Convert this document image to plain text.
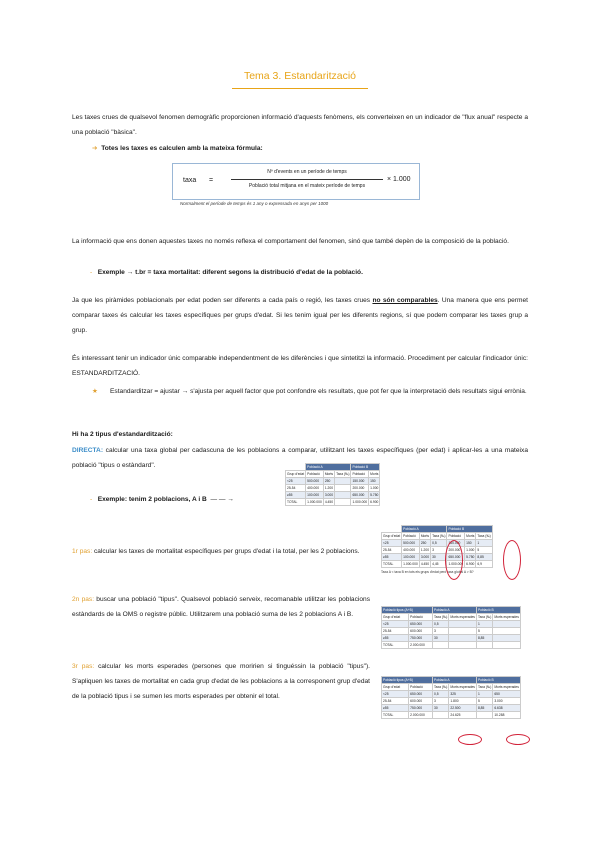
Tema 3. Estandarització
Les taxes crues de qualsevol fenomen demogràfic proporcionen informació d'aquests fenòmens, els converteixen en un indicador de "flux anual" respecte a una població "bàsica".
➔ Totes les taxes es calculen amb la mateixa fórmula:
taxa =
Nº d'events en un període de temps
Població total mitjana en el mateix període de temps
× 1.000
Normalment el període de temps és 1 any o expressada en anys per 1000
La informació que ens donen aquestes taxes no només reflexa el comportament del fenomen, sinó que també depèn de la composició de la població.
- Exemple → t.br = taxa mortalitat: diferent segons la distribució d'edat de la població.
Ja que les piràmides poblacionals per edat poden ser diferents a cada país o regió, les taxes crues no són comparables. Una manera que ens permet comparar taxes és calcular les taxes específiques per grups d'edat. Si les tenim igual per les diferents regions, sí que podem comparar les taxes grup a grup.
És interessant tenir un indicador únic comparable independentment de les diferències i que sintetitzi la informació. Procediment per calcular l'indicador únic: ESTANDARDITZACIÓ.
★ Estandarditzar = ajustar → s'ajusta per aquell factor que pot confondre els resultats, que pot fer que la interpretació dels resultats sigui errònia.
Hi ha 2 tipus d'estandardització:
DIRECTA: calcular una taxa global per cadascuna de les poblacions a comparar, utilitzant les taxes específiques (per edat) i aplicar-les a una mateixa població "tipus o estàndard".
- Exemple: tenim 2 poblacions, A i B — — →
	Població A			Població B	
Grup d'edat	Població	Morts	Taxa (‰)	Població	Morts
<25	500.000	250		150.000	150
25-54	400.000	1.200		200.000	1.000
≥55	100.000	3.000		650.000	5.750
TOTAL	1.000.000	4.450		1.000.000	6.900
1r pas: calcular les taxes de mortalitat específiques per grups d'edat i la total, per les 2 poblacions.
2n pas: buscar una població "tipus". Qualsevol població serveix, recomanable utilitzar les poblacions estàndards de la OMS o registre públic. Utilitzarem una població suma de les 2 poblacions A i B.
3r pas: calcular les morts esperades (persones que moririen si tinguéssin la població "tipus"). S'apliquen les taxes de mortalitat en cada grup d'edat de les poblacions a la corresponent grup d'edat de la població tipus i se sumen les morts esperades per obtenir el total.
	Població A			Població B		
Grup d'edat	Població	Morts	Taxa (‰)	Població	Morts	Taxa (‰)
<25	500.000	250	0,5	150.000	150	1
25-54	400.000	1.200	3	200.000	1.000	5
≥55	100.000	3.000	30	650.000	5.750	8,85
TOTAL	1.000.000	4.450	4,45	1.000.000	6.900	6,9
Taxa A < taxa B en tots els grups d'edat però taxa global A > B?
Població tipus (A+B)		Població A		Població B	
Grup d'edat	Població	Taxa (‰)	Morts esperades	Taxa (‰)	Morts esperades
<25	650.000	0,5		1	
25-54	600.000	3		5	
≥55	750.000	30		8,85	
TOTAL	2.000.000				
Població tipus (A+B)		Població A		Població B	
Grup d'edat	Població	Taxa (‰)	Morts esperades	Taxa (‰)	Morts esperades
<25	650.000	0,5	325	1	650
25-54	600.000	3	1.800	5	3.000
≥55	750.000	30	22.500	8,85	6.638
TOTAL	2.000.000		24.625		10.288
